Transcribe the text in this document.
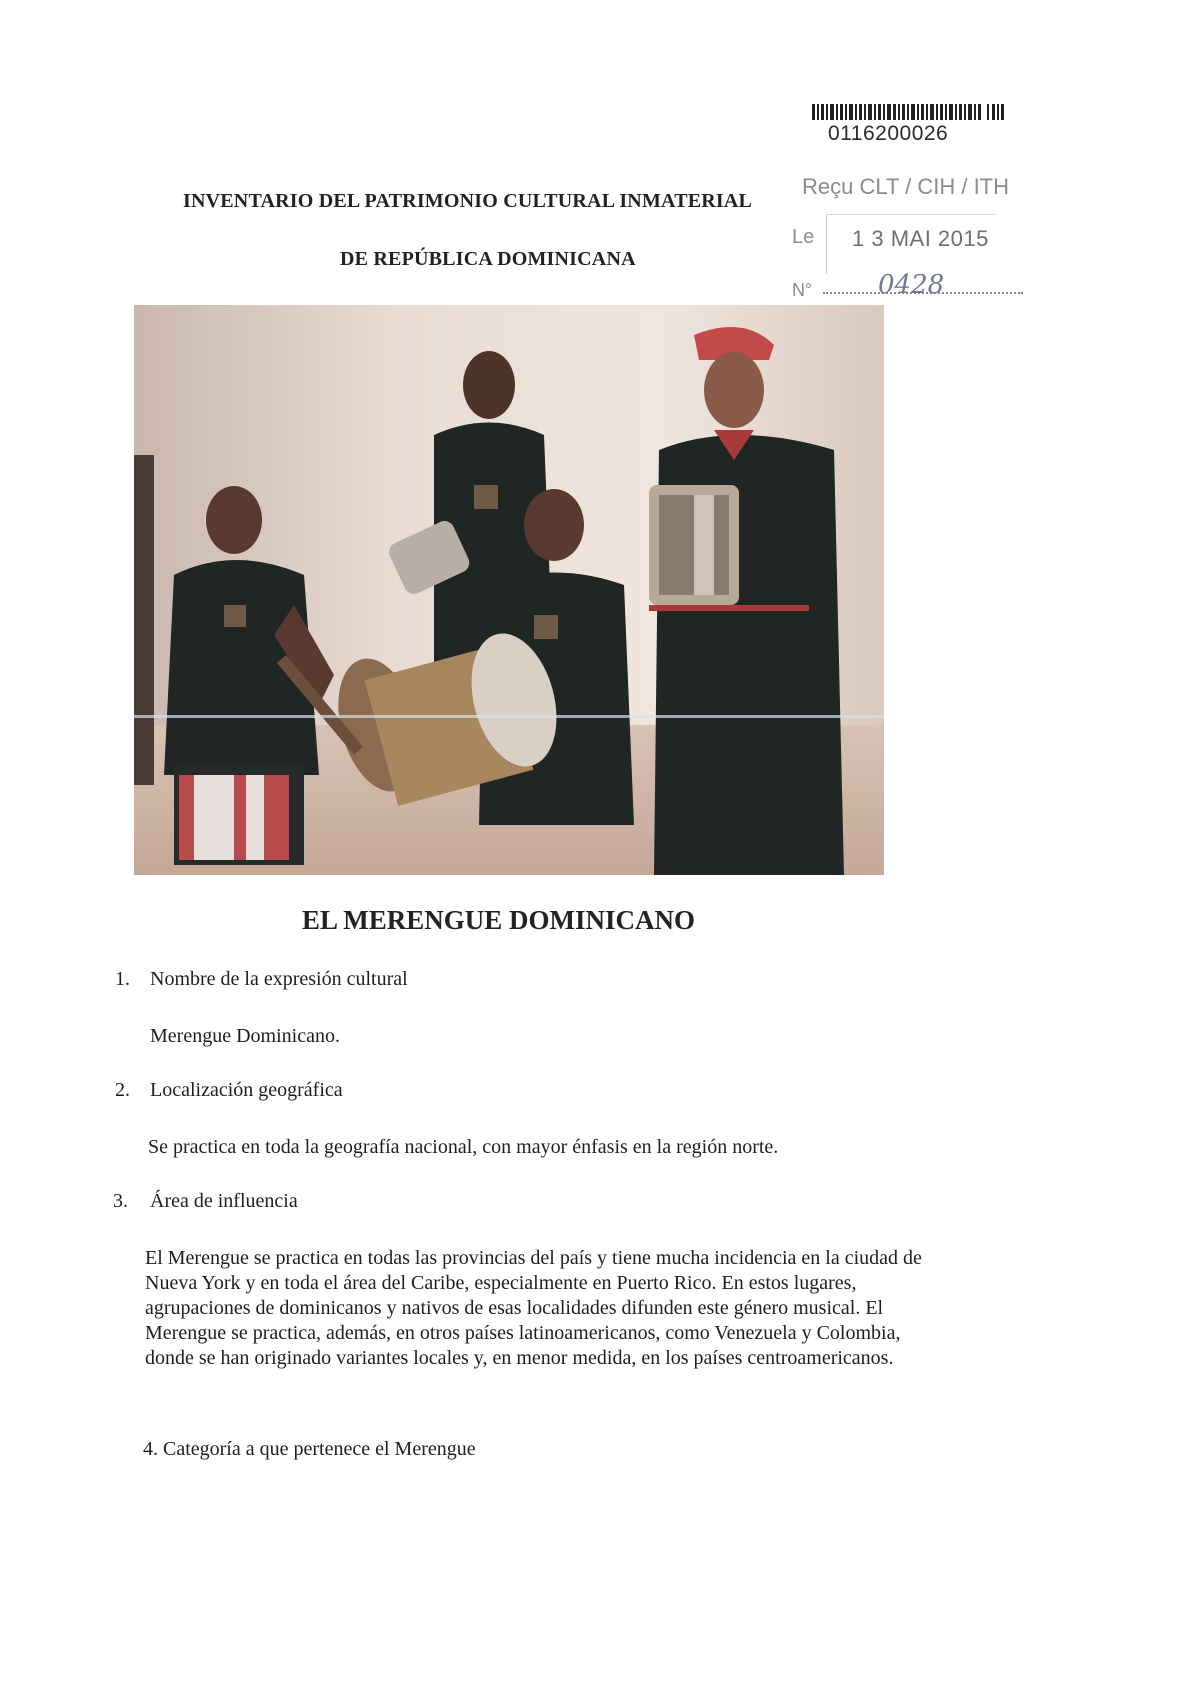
0116200026
INVENTARIO DEL PATRIMONIO CULTURAL INMATERIAL
DE REPÚBLICA DOMINICANA
Reçu CLT / CIH / ITH
Le 1 3 MAI 2015
N°	0428
EL MERENGUE DOMINICANO
1. Nombre de la expresión cultural
Merengue Dominicano.
2. Localización geográfica
Se practica en toda la geografía nacional, con mayor énfasis en la región norte.
3. Área de influencia
El Merengue se practica en todas las provincias del país y tiene mucha incidencia en la ciudad de Nueva York y en toda el área del Caribe, especialmente en Puerto Rico. En estos lugares, agrupaciones de dominicanos y nativos de esas localidades difunden este género musical. El Merengue se practica, además, en otros países latinoamericanos, como Venezuela y Colombia, donde se han originado variantes locales y, en menor medida, en los países centroamericanos.
4. Categoría a que pertenece el Merengue
